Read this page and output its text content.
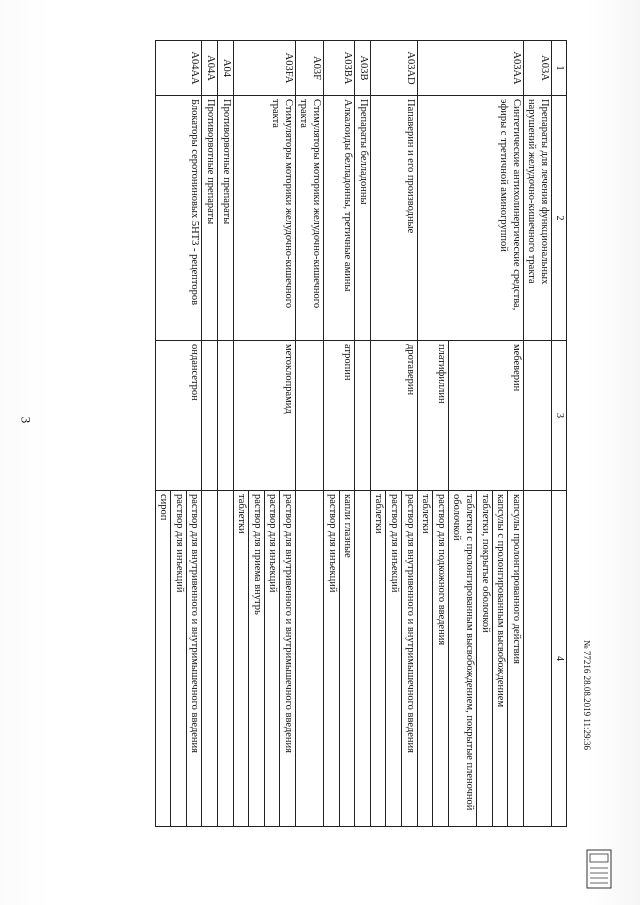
3
1	2	3	4
A03A	Препараты для лечения функциональных нарушений желудочно-кишечного тракта		
A03AA	Синтетические антихолинергические средства, эфиры с третичной аминогруппой	мебеверин	капсулы пролонгированного действия
			капсулы с пролонгированным высвобождением
			таблетки, покрытые оболочкой
			таблетки с пролонгированным высвобождением, покрытые пленочной оболочкой
		платифиллин	раствор для подкожного введения
			таблетки
A03AD	Папаверин и его производные	дротаверин	раствор для внутривенного и внутримышечного введения
			раствор для инъекций
			таблетки
A03B	Препараты белладонны		
A03BA	Алкалоиды белладонны, третичные амины	атропин	капли глазные
			раствор для инъекций
A03F	Стимуляторы моторики желудочно-кишечного тракта		
A03FA	Стимуляторы моторики желудочно-кишечного тракта	метоклопрамид	раствор для внутривенного и внутримышечного введения
			раствор для инъекций
			раствор для приема внутрь
			таблетки
A04	Противорвотные препараты		
A04A	Противорвотные препараты		
A04AA	Блокаторы серотониновых 5НТ3 - рецепторов	ондансетрон	раствор для внутривенного и внутримышечного введения
			раствор для инъекций
			сироп
№ 77216 28.08.2019 11:29:36
